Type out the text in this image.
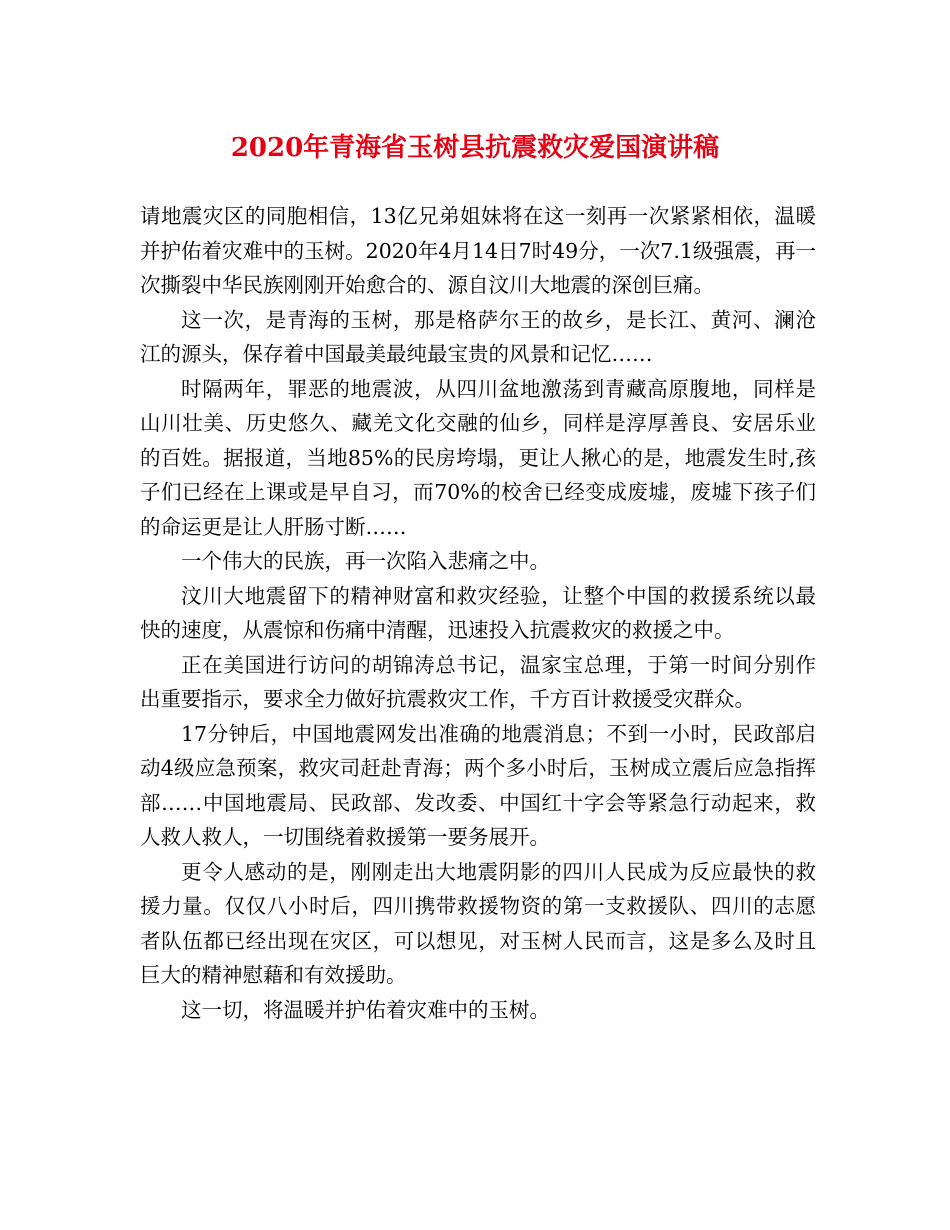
2020年青海省玉树县抗震救灾爱国演讲稿

请地震灾区的同胞相信，13亿兄弟姐妹将在这一刻再一次紧紧相依，温暖并护佑着灾难中的玉树。2020年4月14日7时49分，一次7.1级强震，再一次撕裂中华民族刚刚开始愈合的、源自汶川大地震的深创巨痛。

这一次，是青海的玉树，那是格萨尔王的故乡，是长江、黄河、澜沧江的源头，保存着中国最美最纯最宝贵的风景和记忆……

时隔两年，罪恶的地震波，从四川盆地激荡到青藏高原腹地，同样是山川壮美、历史悠久、藏羌文化交融的仙乡，同样是淳厚善良、安居乐业的百姓。据报道，当地85%的民房垮塌，更让人揪心的是，地震发生时,孩子们已经在上课或是早自习，而70%的校舍已经变成废墟，废墟下孩子们的命运更是让人肝肠寸断……

一个伟大的民族，再一次陷入悲痛之中。

汶川大地震留下的精神财富和救灾经验，让整个中国的救援系统以最快的速度，从震惊和伤痛中清醒，迅速投入抗震救灾的救援之中。

正在美国进行访问的胡锦涛总书记，温家宝总理，于第一时间分别作出重要指示，要求全力做好抗震救灾工作，千方百计救援受灾群众。

17分钟后，中国地震网发出准确的地震消息；不到一小时，民政部启动4级应急预案，救灾司赶赴青海；两个多小时后，玉树成立震后应急指挥部……中国地震局、民政部、发改委、中国红十字会等紧急行动起来，救人救人救人，一切围绕着救援第一要务展开。

更令人感动的是，刚刚走出大地震阴影的四川人民成为反应最快的救援力量。仅仅八小时后，四川携带救援物资的第一支救援队、四川的志愿者队伍都已经出现在灾区，可以想见，对玉树人民而言，这是多么及时且巨大的精神慰藉和有效援助。

这一切，将温暖并护佑着灾难中的玉树。
